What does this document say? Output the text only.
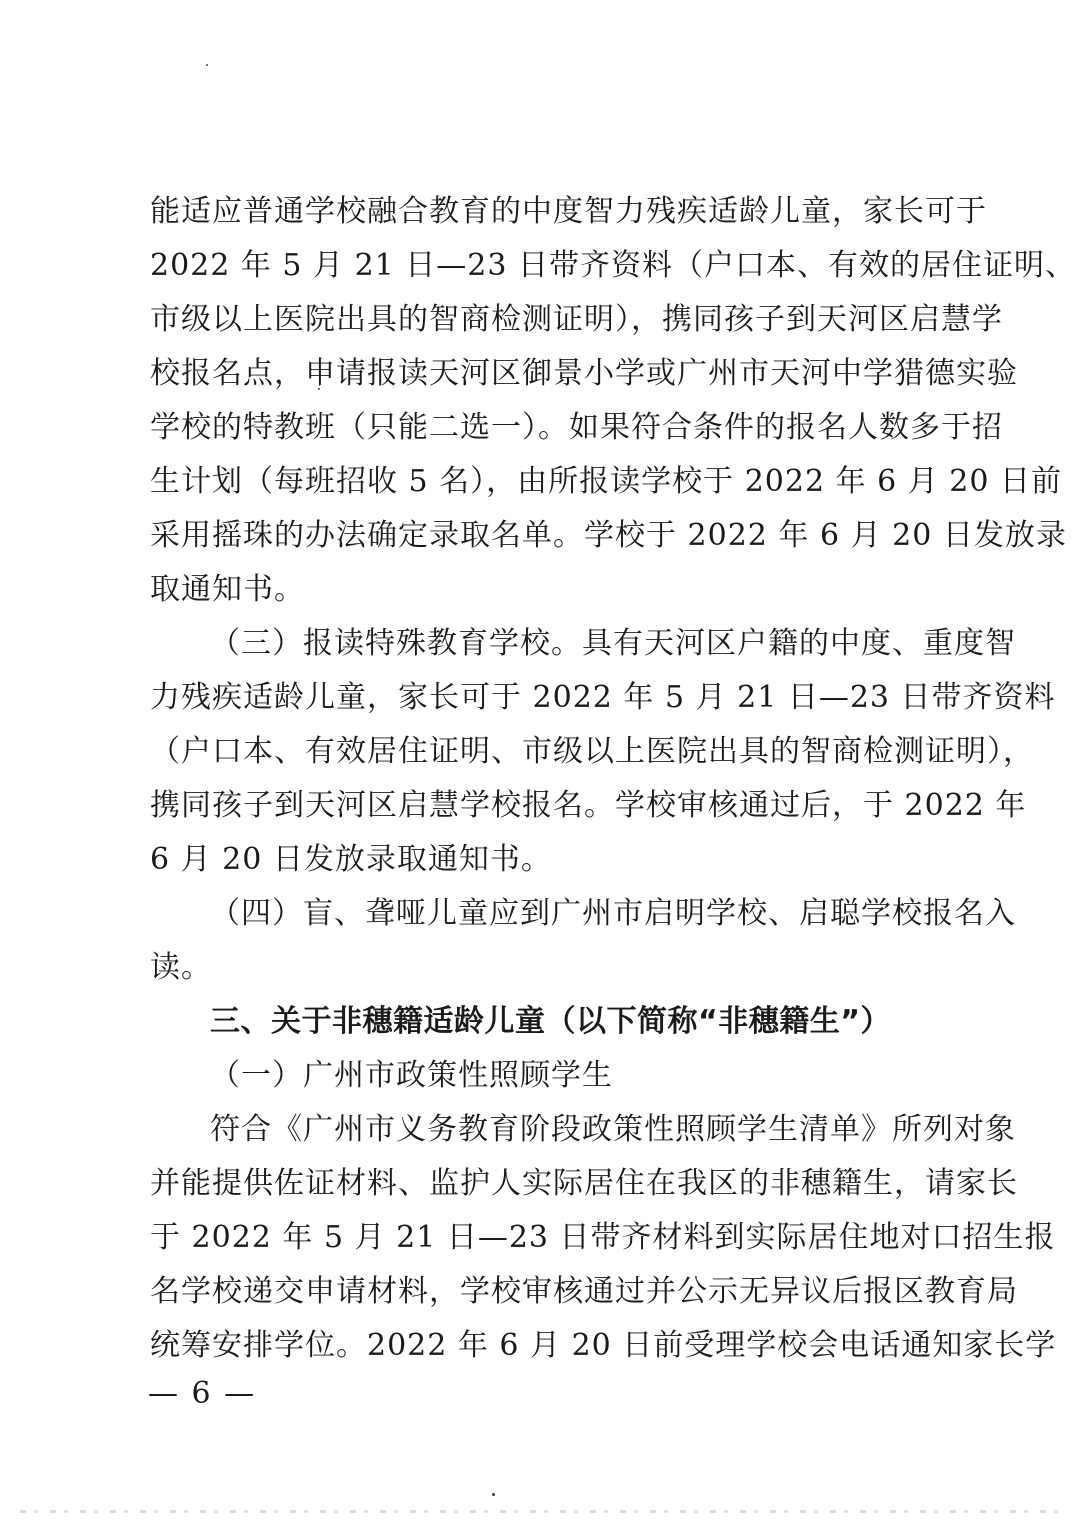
能适应普通学校融合教育的中度智力残疾适龄儿童，家长可于
2022 年 5 月 21 日—23 日带齐资料（户口本、有效的居住证明、
市级以上医院出具的智商检测证明），携同孩子到天河区启慧学
校报名点，申请报读天河区御景小学或广州市天河中学猎德实验
学校的特教班（只能二选一）。如果符合条件的报名人数多于招
生计划（每班招收 5 名），由所报读学校于 2022 年 6 月 20 日前
采用摇珠的办法确定录取名单。学校于 2022 年 6 月 20 日发放录
取通知书。
（三）报读特殊教育学校。具有天河区户籍的中度、重度智
力残疾适龄儿童，家长可于 2022 年 5 月 21 日—23 日带齐资料
（户口本、有效居住证明、市级以上医院出具的智商检测证明），
携同孩子到天河区启慧学校报名。学校审核通过后，于 2022 年
6 月 20 日发放录取通知书。
（四）盲、聋哑儿童应到广州市启明学校、启聪学校报名入
读。
三、关于非穗籍适龄儿童（以下简称“非穗籍生”）
（一）广州市政策性照顾学生
符合《广州市义务教育阶段政策性照顾学生清单》所列对象
并能提供佐证材料、监护人实际居住在我区的非穗籍生，请家长
于 2022 年 5 月 21 日—23 日带齐材料到实际居住地对口招生报
名学校递交申请材料，学校审核通过并公示无异议后报区教育局
统筹安排学位。2022 年 6 月 20 日前受理学校会电话通知家长学
— 6 —
